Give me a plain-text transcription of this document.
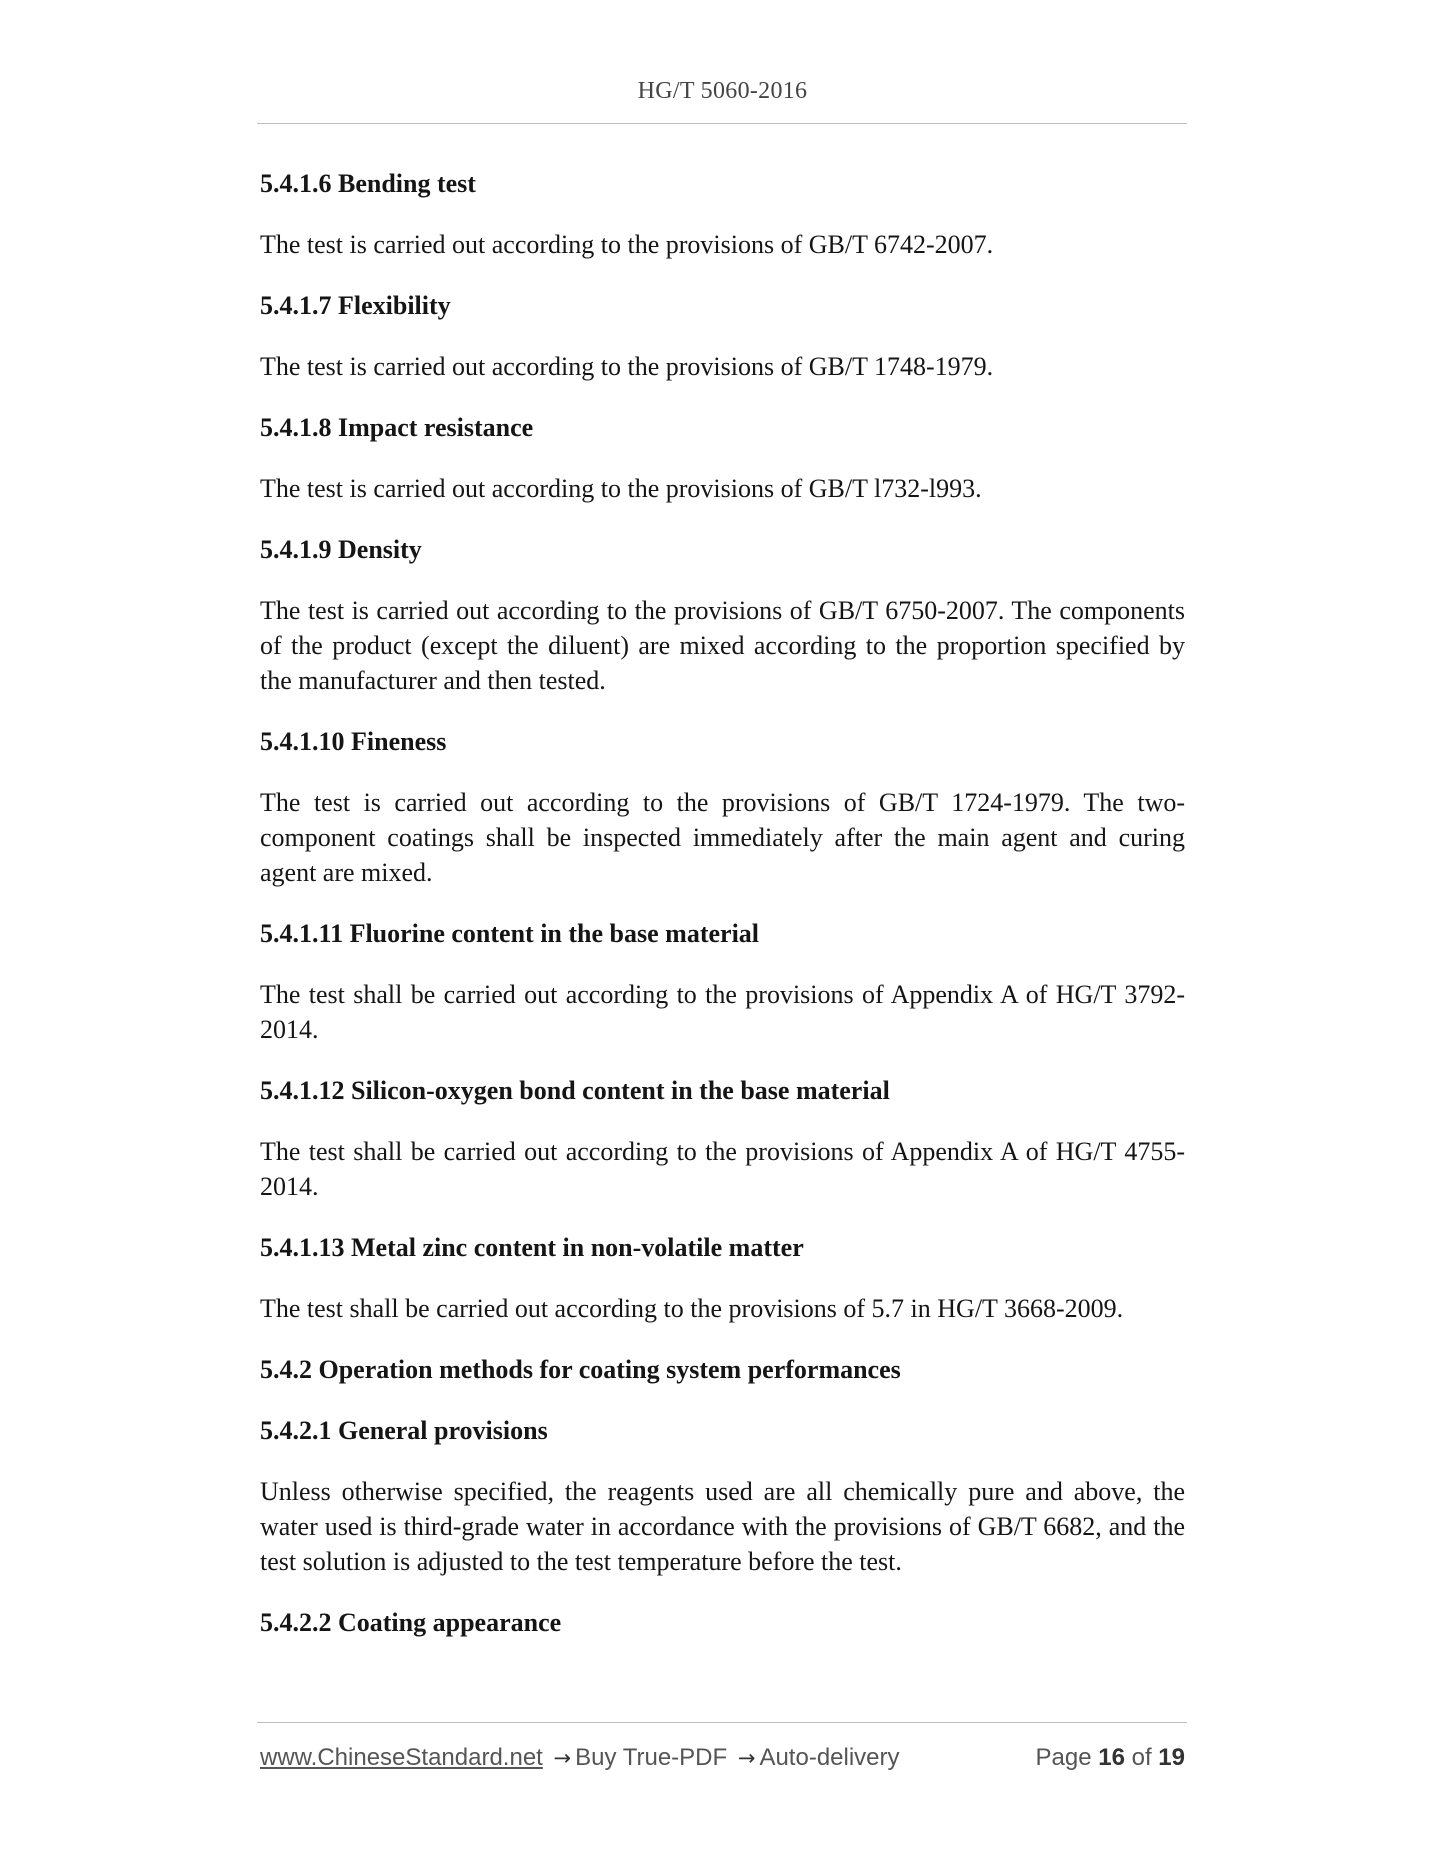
HG/T 5060-2016
5.4.1.6 Bending test
The test is carried out according to the provisions of GB/T 6742-2007.
5.4.1.7 Flexibility
The test is carried out according to the provisions of GB/T 1748-1979.
5.4.1.8 Impact resistance
The test is carried out according to the provisions of GB/T l732-l993.
5.4.1.9 Density
The test is carried out according to the provisions of GB/T 6750-2007. The components of the product (except the diluent) are mixed according to the proportion specified by the manufacturer and then tested.
5.4.1.10 Fineness
The test is carried out according to the provisions of GB/T 1724-1979. The two-component coatings shall be inspected immediately after the main agent and curing agent are mixed.
5.4.1.11 Fluorine content in the base material
The test shall be carried out according to the provisions of Appendix A of HG/T 3792-2014.
5.4.1.12 Silicon-oxygen bond content in the base material
The test shall be carried out according to the provisions of Appendix A of HG/T 4755-2014.
5.4.1.13 Metal zinc content in non-volatile matter
The test shall be carried out according to the provisions of 5.7 in HG/T 3668-2009.
5.4.2 Operation methods for coating system performances
5.4.2.1 General provisions
Unless otherwise specified, the reagents used are all chemically pure and above, the water used is third-grade water in accordance with the provisions of GB/T 6682, and the test solution is adjusted to the test temperature before the test.
5.4.2.2 Coating appearance
www.ChineseStandard.net → Buy True-PDF → Auto-delivery	Page 16 of 19
